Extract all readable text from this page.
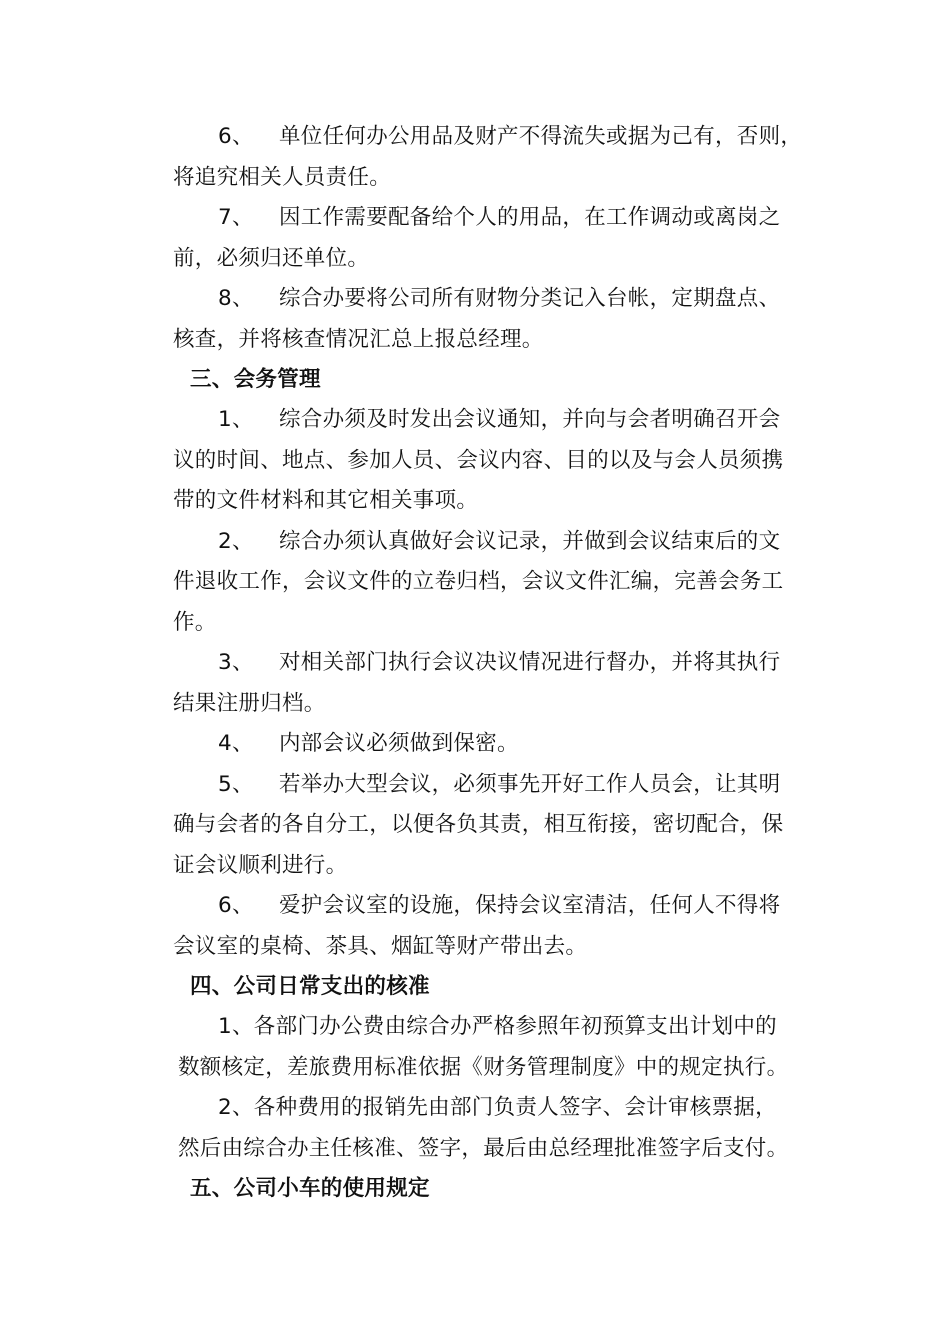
6、 单位任何办公用品及财产不得流失或据为己有，否则，
将追究相关人员责任。
7、 因工作需要配备给个人的用品，在工作调动或离岗之
前，必须归还单位。
8、 综合办要将公司所有财物分类记入台帐，定期盘点、
核查，并将核查情况汇总上报总经理。
三、会务管理
1、 综合办须及时发出会议通知，并向与会者明确召开会
议的时间、地点、参加人员、会议内容、目的以及与会人员须携
带的文件材料和其它相关事项。
2、 综合办须认真做好会议记录，并做到会议结束后的文
件退收工作，会议文件的立卷归档，会议文件汇编，完善会务工
作。
3、 对相关部门执行会议决议情况进行督办，并将其执行
结果注册归档。
4、 内部会议必须做到保密。
5、 若举办大型会议，必须事先开好工作人员会，让其明
确与会者的各自分工，以便各负其责，相互衔接，密切配合，保
证会议顺利进行。
6、 爱护会议室的设施，保持会议室清洁，任何人不得将
会议室的桌椅、茶具、烟缸等财产带出去。
四、公司日常支出的核准
1、各部门办公费由综合办严格参照年初预算支出计划中的
数额核定，差旅费用标准依据《财务管理制度》中的规定执行。
2、各种费用的报销先由部门负责人签字、会计审核票据，
然后由综合办主任核准、签字，最后由总经理批准签字后支付。
五、公司小车的使用规定
